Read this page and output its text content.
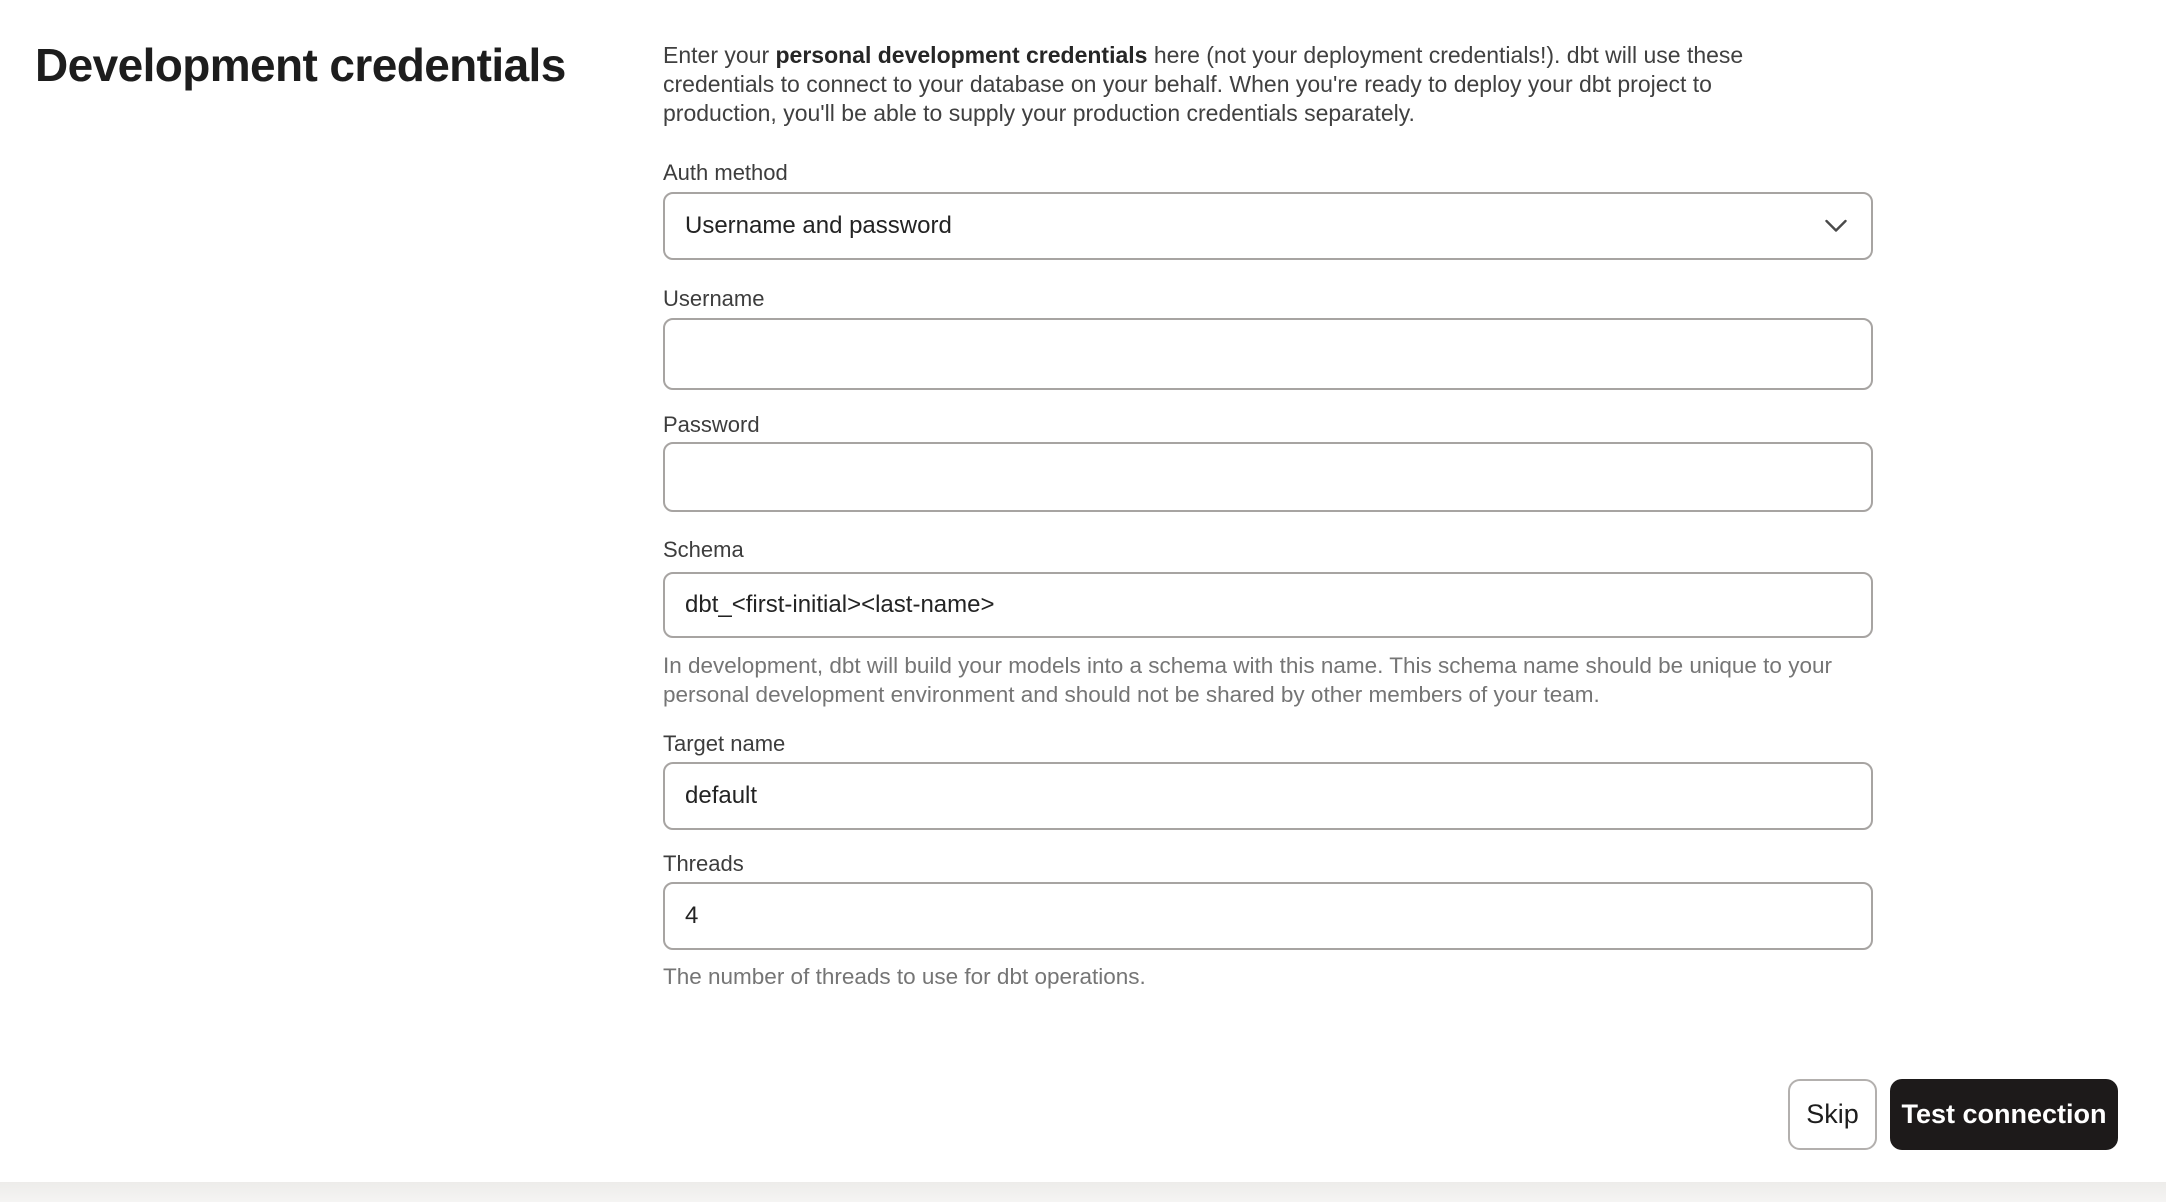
Development credentials	Enter your personal development credentials here (not your deployment credentials!). dbt will use these
credentials to connect to your database on your behalf. When you're ready to deploy your dbt project to
production, you'll be able to supply your production credentials separately.
Auth method
Username and password
Username
Password
Schema
dbt_<first-initial><last-name>
In development, dbt will build your models into a schema with this name. This schema name should be unique to your
personal development environment and should not be shared by other members of your team.
Target name
default
Threads
4
The number of threads to use for dbt operations.
Skip	Test connection
